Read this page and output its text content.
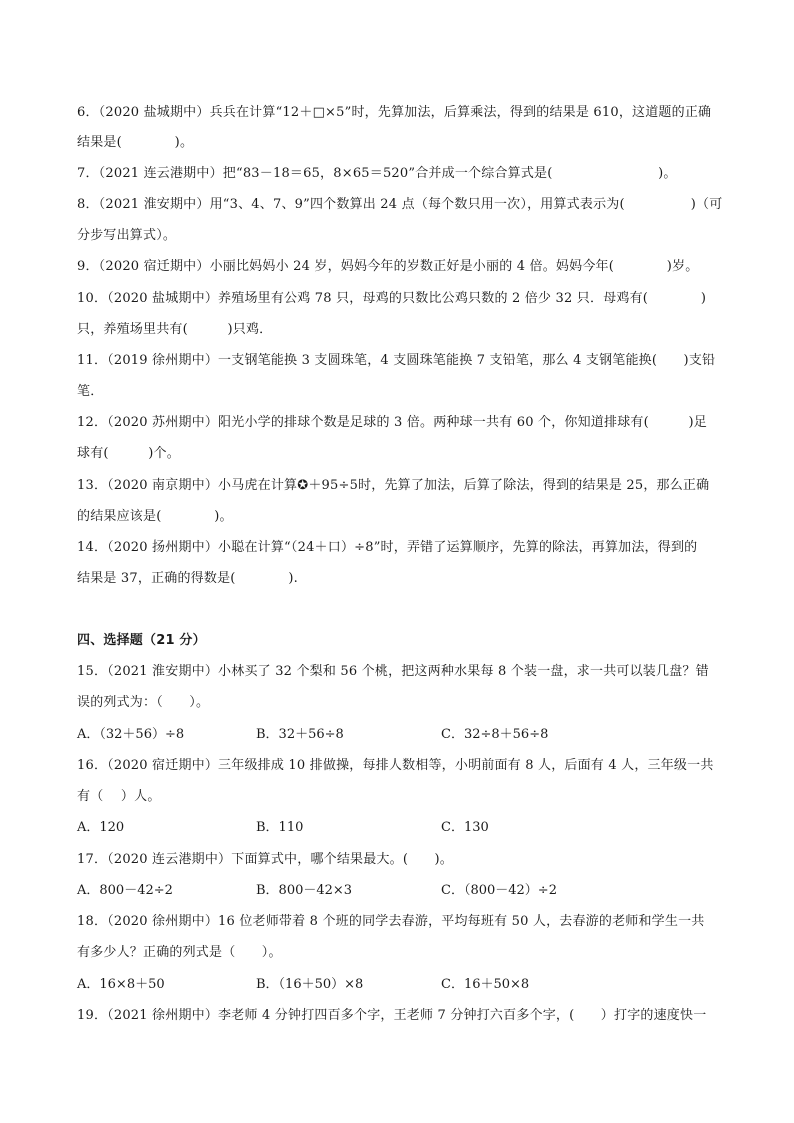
6．（2020 盐城期中）兵兵在计算“12＋□×5”时，先算加法，后算乘法，得到的结果是 610，这道题的正确
结果是(　　　　)。
7．（2021 连云港期中）把“83－18＝65，8×65＝520”合并成一个综合算式是(　　　　　　　　)。
8．（2021 淮安期中）用“3、4、7、9”四个数算出 24 点（每个数只用一次），用算式表示为(　　　　　)（可
分步写出算式）。
9．（2020 宿迁期中）小丽比妈妈小 24 岁，妈妈今年的岁数正好是小丽的 4 倍。妈妈今年(　　　　)岁。
10．（2020 盐城期中）养殖场里有公鸡 78 只，母鸡的只数比公鸡只数的 2 倍少 32 只．母鸡有(　　　　)
只，养殖场里共有(　　　)只鸡．
11．（2019 徐州期中）一支钢笔能换 3 支圆珠笔，4 支圆珠笔能换 7 支铅笔，那么 4 支钢笔能换(　　)支铅
笔．
12．（2020 苏州期中）阳光小学的排球个数是足球的 3 倍。两种球一共有 60 个，你知道排球有(　　　)足
球有(　　　)个。
13．（2020 南京期中）小马虎在计算✪＋95÷5时，先算了加法，后算了除法，得到的结果是 25，那么正确
的结果应该是(　　　　)。
14．（2020 扬州期中）小聪在计算“（24＋口）÷8”时，弄错了运算顺序，先算的除法，再算加法，得到的
结果是 37，正确的得数是(　　　　).
四、选择题（21 分）
15．（2021 淮安期中）小林买了 32 个梨和 56 个桃，把这两种水果每 8 个装一盘，求一共可以装几盘？错
误的列式为：（　　）。
A．（32＋56）÷8	B．32＋56÷8	C．32÷8＋56÷8
16．（2020 宿迁期中）三年级排成 10 排做操，每排人数相等，小明前面有 8 人，后面有 4 人，三年级一共
有（　 ）人。
A．120	B．110	C．130
17．（2020 连云港期中）下面算式中，哪个结果最大。(　　)。
A．800－42÷2	B．800－42×3	C．（800－42）÷2
18．（2020 徐州期中）16 位老师带着 8 个班的同学去春游，平均每班有 50 人，去春游的老师和学生一共
有多少人？正确的列式是（　　）。
A．16×8＋50	B．（16＋50）×8	C．16＋50×8
19．（2021 徐州期中）李老师 4 分钟打四百多个字，王老师 7 分钟打六百多个字，(　　）打字的速度快一
